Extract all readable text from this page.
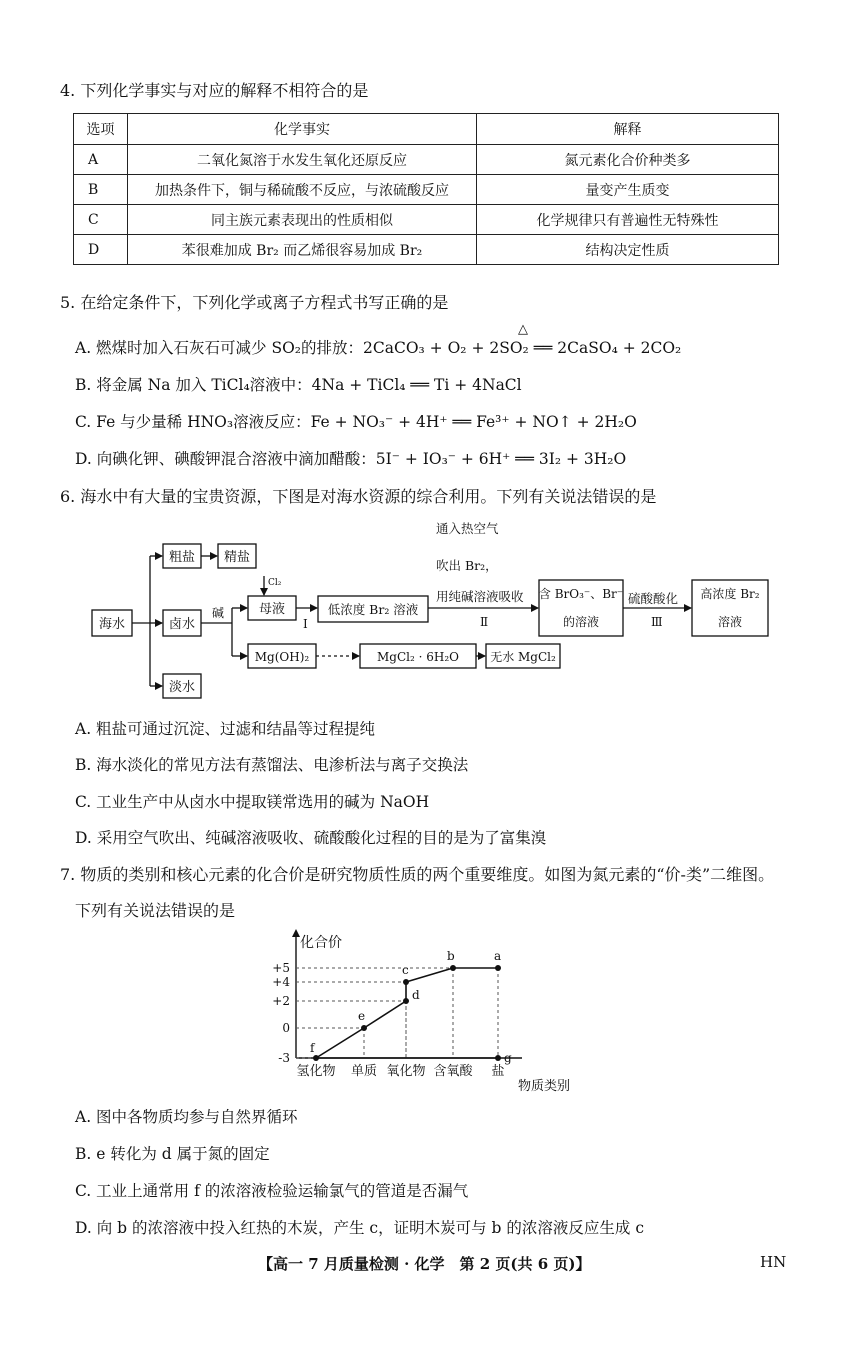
4. 下列化学事实与对应的解释不相符合的是
选项	化学事实	解释
A	二氧化氮溶于水发生氧化还原反应	氮元素化合价种类多
B	加热条件下，铜与稀硫酸不反应，与浓硫酸反应	量变产生质变
C	同主族元素表现出的性质相似	化学规律只有普遍性无特殊性
D	苯很难加成 Br₂ 而乙烯很容易加成 Br₂	结构决定性质
5. 在给定条件下，下列化学或离子方程式书写正确的是
△
A. 燃煤时加入石灰石可减少 SO₂的排放：2CaCO₃ + O₂ + 2SO₂ ══ 2CaSO₄ + 2CO₂
B. 将金属 Na 加入 TiCl₄溶液中：4Na + TiCl₄ ══ Ti + 4NaCl
C. Fe 与少量稀 HNO₃溶液反应：Fe + NO₃⁻ + 4H⁺ ══ Fe³⁺ + NO↑ + 2H₂O
D. 向碘化钾、碘酸钾混合溶液中滴加醋酸：5I⁻ + IO₃⁻ + 6H⁺ ══ 3I₂ + 3H₂O
6. 海水中有大量的宝贵资源，下图是对海水资源的综合利用。下列有关说法错误的是
海水
粗盐 精盐
卤水
淡水
碱
Cl₂
母液
Ⅰ
低浓度 Br₂ 溶液
通入热空气
吹出 Br₂，
用纯碱溶液吸收
Ⅱ
含 BrO₃⁻、Br⁻
的溶液
硫酸酸化
Ⅲ
高浓度 Br₂
溶液
Mg(OH)₂	MgCl₂ · 6H₂O	无水 MgCl₂
A. 粗盐可通过沉淀、过滤和结晶等过程提纯
B. 海水淡化的常见方法有蒸馏法、电渗析法与离子交换法
C. 工业生产中从卤水中提取镁常选用的碱为 NaOH
D. 采用空气吹出、纯碱溶液吸收、硫酸酸化过程的目的是为了富集溴
7. 物质的类别和核心元素的化合价是研究物质性质的两个重要维度。如图为氮元素的“价-类”二维图。
下列有关说法错误的是
+5
+4
+2
0
-3
氢化物 单质 氧化物 含氧酸 盐
f
e
d
c
b	a
g
化合价
物质类别
A. 图中各物质均参与自然界循环
B. e 转化为 d 属于氮的固定
C. 工业上通常用 f 的浓溶液检验运输氯气的管道是否漏气
D. 向 b 的浓溶液中投入红热的木炭，产生 c，证明木炭可与 b 的浓溶液反应生成 c
【高一 7 月质量检测 · 化学　第 2 页(共 6 页)】	HN
